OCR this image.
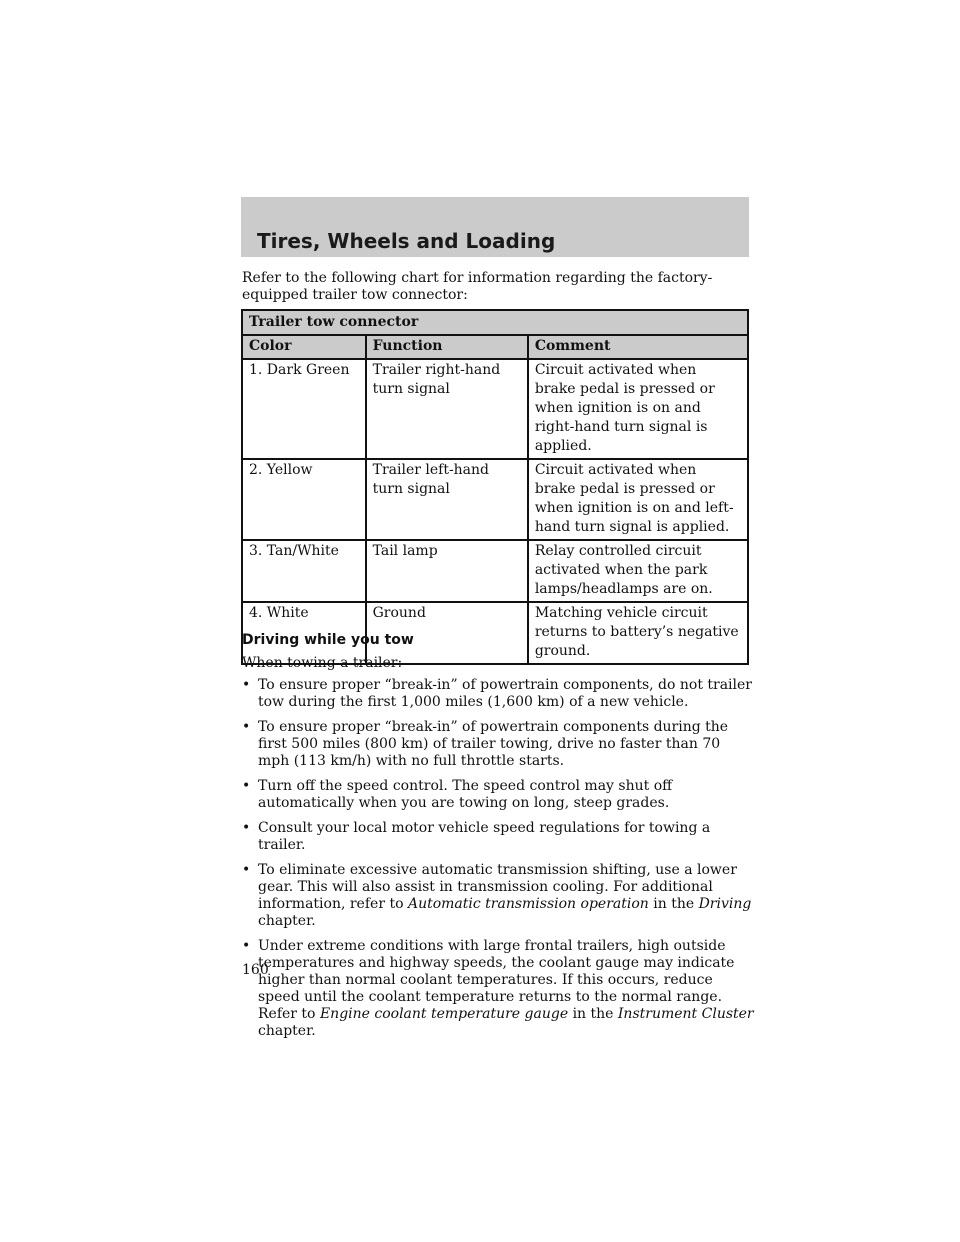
Tires, Wheels and Loading
Refer to the following chart for information regarding the factory-equipped trailer tow connector:
Trailer tow connector		
Color	Function	Comment
1. Dark Green	Trailer right-hand turn signal	Circuit activated when brake pedal is pressed or when ignition is on and right-hand turn signal is applied.
2. Yellow	Trailer left-hand turn signal	Circuit activated when brake pedal is pressed or when ignition is on and left-hand turn signal is applied.
3. Tan/White	Tail lamp	Relay controlled circuit activated when the park lamps/headlamps are on.
4. White	Ground	Matching vehicle circuit returns to battery’s negative ground.
Driving while you tow
When towing a trailer:
• To ensure proper “break-in” of powertrain components, do not trailer tow during the first 1,000 miles (1,600 km) of a new vehicle.
• To ensure proper “break-in” of powertrain components during the first 500 miles (800 km) of trailer towing, drive no faster than 70 mph (113 km/h) with no full throttle starts.
• Turn off the speed control. The speed control may shut off automatically when you are towing on long, steep grades.
• Consult your local motor vehicle speed regulations for towing a trailer.
• To eliminate excessive automatic transmission shifting, use a lower gear. This will also assist in transmission cooling. For additional information, refer to Automatic transmission operation in the Driving chapter.
• Under extreme conditions with large frontal trailers, high outside temperatures and highway speeds, the coolant gauge may indicate higher than normal coolant temperatures. If this occurs, reduce speed until the coolant temperature returns to the normal range. Refer to Engine coolant temperature gauge in the Instrument Cluster chapter.
160
